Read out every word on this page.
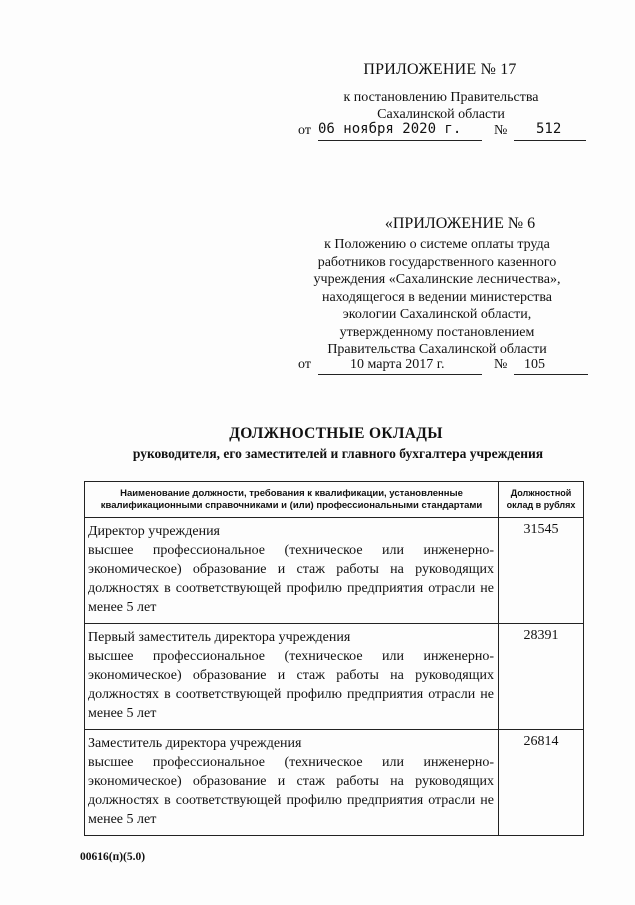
ПРИЛОЖЕНИЕ № 17
к постановлению Правительства
Сахалинской области
от 06 ноября 2020 г. № 512
«ПРИЛОЖЕНИЕ № 6
к Положению о системе оплаты труда
работников государственного казенного
учреждения «Сахалинские лесничества»,
находящегося в ведении министерства
экологии Сахалинской области,
утвержденному постановлением
Правительства Сахалинской области
от	10 марта 2017 г.	№ 105
ДОЛЖНОСТНЫЕ ОКЛАДЫ
руководителя, его заместителей и главного бухгалтера учреждения
Наименование должности, требования к квалификации, установленные квалификационными справочниками и (или) профессиональными стандартами	Должностной оклад в рублях

Директор учреждения
высшее профессиональное (техническое или инженерно-экономическое) образование и стаж работы на руководящих должностях в соответствующей профилю предприятия отрасли не менее 5 лет	31545

Первый заместитель директора учреждения
высшее профессиональное (техническое или инженерно-экономическое) образование и стаж работы на руководящих должностях в соответствующей профилю предприятия отрасли не менее 5 лет	28391

Заместитель директора учреждения
высшее профессиональное (техническое или инженерно-экономическое) образование и стаж работы на руководящих должностях в соответствующей профилю предприятия отрасли не менее 5 лет	26814
00616(п)(5.0)
